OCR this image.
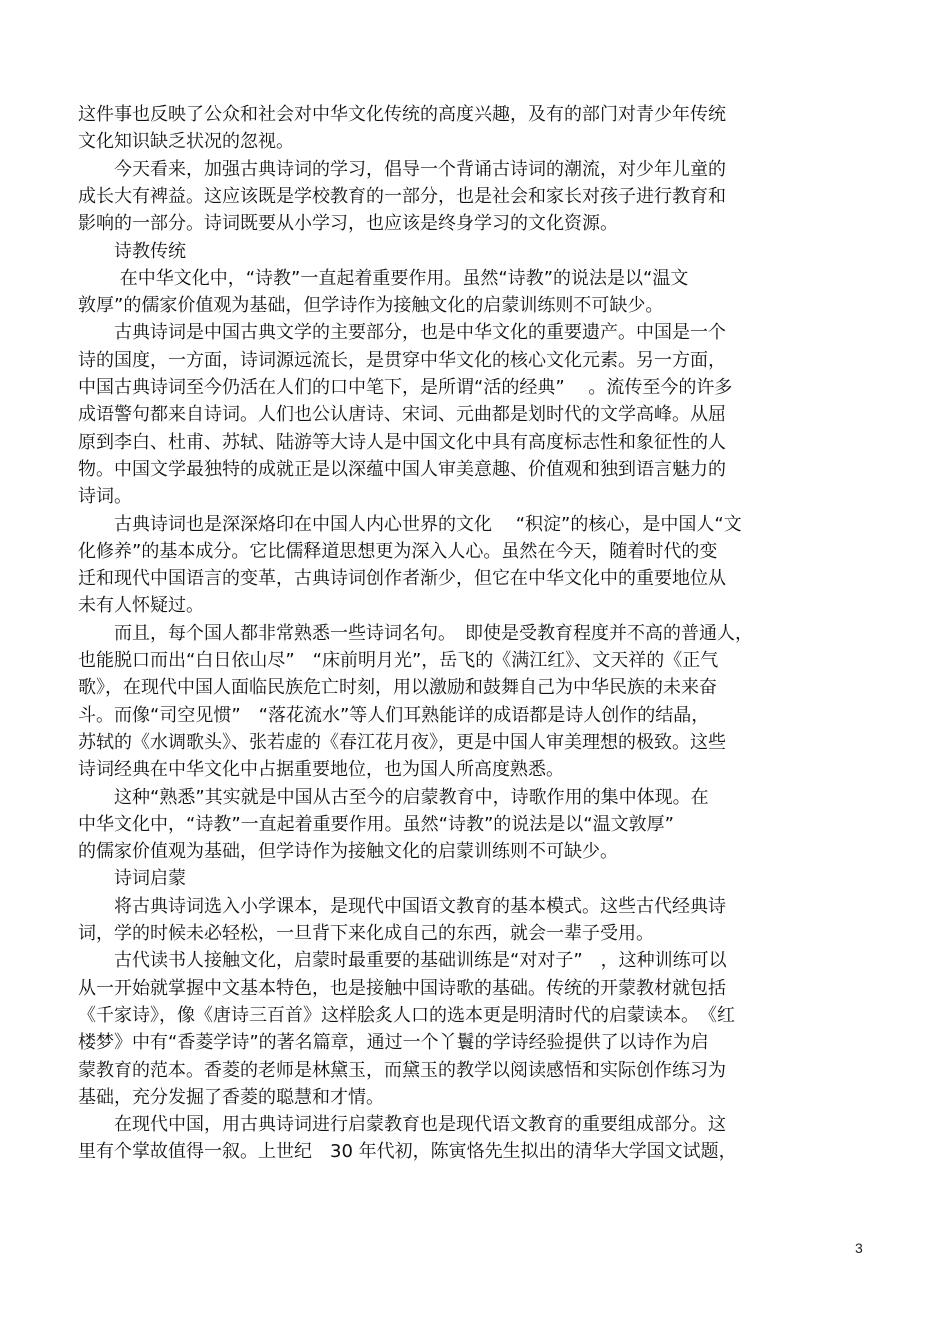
这件事也反映了公众和社会对中华文化传统的高度兴趣，及有的部门对青少年传统
文化知识缺乏状况的忽视。
　　今天看来，加强古典诗词的学习，倡导一个背诵古诗词的潮流，对少年儿童的
成长大有裨益。这应该既是学校教育的一部分，也是社会和家长对孩子进行教育和
影响的一部分。诗词既要从小学习，也应该是终身学习的文化资源。
　　诗教传统
　　 在中华文化中，“诗教”一直起着重要作用。虽然“诗教”的说法是以“温文
敦厚”的儒家价值观为基础，但学诗作为接触文化的启蒙训练则不可缺少。
　　古典诗词是中国古典文学的主要部分，也是中华文化的重要遗产。中国是一个
诗的国度，一方面，诗词源远流长，是贯穿中华文化的核心文化元素。另一方面，
中国古典诗词至今仍活在人们的口中笔下，是所谓“活的经典”　 。流传至今的许多
成语警句都来自诗词。人们也公认唐诗、宋词、元曲都是划时代的文学高峰。从屈
原到李白、杜甫、苏轼、陆游等大诗人是中国文化中具有高度标志性和象征性的人
物。中国文学最独特的成就正是以深蕴中国人审美意趣、价值观和独到语言魅力的
诗词。
　　古典诗词也是深深烙印在中国人内心世界的文化　 “积淀”的核心，是中国人“文
化修养”的基本成分。它比儒释道思想更为深入人心。虽然在今天，随着时代的变
迁和现代中国语言的变革，古典诗词创作者渐少，但它在中华文化中的重要地位从
未有人怀疑过。
　　而且，每个国人都非常熟悉一些诗词名句。　即使是受教育程度并不高的普通人，
也能脱口而出“白日依山尽”　“床前明月光”，岳飞的《满江红》、文天祥的《正气
歌》，在现代中国人面临民族危亡时刻，用以激励和鼓舞自己为中华民族的未来奋
斗。而像“司空见惯”　“落花流水”等人们耳熟能详的成语都是诗人创作的结晶，
苏轼的《水调歌头》、张若虚的《春江花月夜》，更是中国人审美理想的极致。这些
诗词经典在中华文化中占据重要地位，也为国人所高度熟悉。
　　这种“熟悉”其实就是中国从古至今的启蒙教育中，诗歌作用的集中体现。在
中华文化中，“诗教”一直起着重要作用。虽然“诗教”的说法是以“温文敦厚”
的儒家价值观为基础，但学诗作为接触文化的启蒙训练则不可缺少。
　　诗词启蒙
　　将古典诗词选入小学课本，是现代中国语文教育的基本模式。这些古代经典诗
词，学的时候未必轻松，一旦背下来化成自己的东西，就会一辈子受用。
　　古代读书人接触文化，启蒙时最重要的基础训练是“对对子”　，这种训练可以
从一开始就掌握中文基本特色，也是接触中国诗歌的基础。传统的开蒙教材就包括
《千家诗》，像《唐诗三百首》这样脍炙人口的选本更是明清时代的启蒙读本。　《红
楼梦》中有“香菱学诗”的著名篇章，通过一个丫鬟的学诗经验提供了以诗作为启
蒙教育的范本。香菱的老师是林黛玉，而黛玉的教学以阅读感悟和实际创作练习为
基础，充分发掘了香菱的聪慧和才情。
　　在现代中国，用古典诗词进行启蒙教育也是现代语文教育的重要组成部分。这
里有个掌故值得一叙。上世纪　30 年代初，陈寅恪先生拟出的清华大学国文试题，
3
